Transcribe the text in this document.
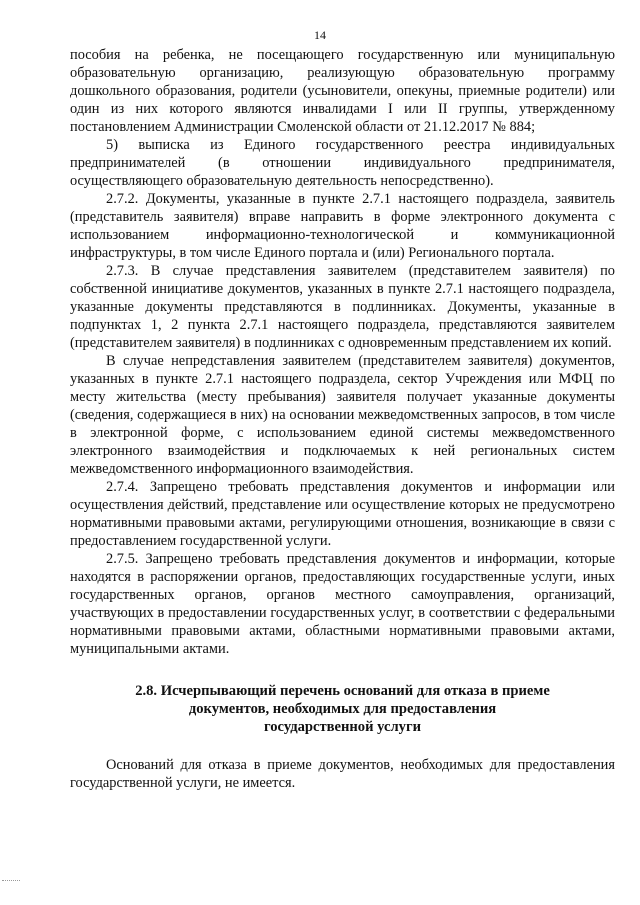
14

пособия на ребенка, не посещающего государственную или муниципальную образовательную организацию, реализующую образовательную программу дошкольного образования, родители (усыновители, опекуны, приемные родители) или один из них которого являются инвалидами I или II группы, утвержденному постановлением Администрации Смоленской области от 21.12.2017 № 884;

5) выписка из Единого государственного реестра индивидуальных предпринимателей (в отношении индивидуального предпринимателя, осуществляющего образовательную деятельность непосредственно).

2.7.2. Документы, указанные в пункте 2.7.1 настоящего подраздела, заявитель (представитель заявителя) вправе направить в форме электронного документа с использованием информационно-технологической и коммуникационной инфраструктуры, в том числе Единого портала и (или) Регионального портала.

2.7.3. В случае представления заявителем (представителем заявителя) по собственной инициативе документов, указанных в пункте 2.7.1 настоящего подраздела, указанные документы представляются в подлинниках. Документы, указанные в подпунктах 1, 2 пункта 2.7.1 настоящего подраздела, представляются заявителем (представителем заявителя) в подлинниках с одновременным представлением их копий.

В случае непредставления заявителем (представителем заявителя) документов, указанных в пункте 2.7.1 настоящего подраздела, сектор Учреждения или МФЦ по месту жительства (месту пребывания) заявителя получает указанные документы (сведения, содержащиеся в них) на основании межведомственных запросов, в том числе в электронной форме, с использованием единой системы межведомственного электронного взаимодействия и подключаемых к ней региональных систем межведомственного информационного взаимодействия.

2.7.4. Запрещено требовать представления документов и информации или осуществления действий, представление или осуществление которых не предусмотрено нормативными правовыми актами, регулирующими отношения, возникающие в связи с предоставлением государственной услуги.

2.7.5. Запрещено требовать представления документов и информации, которые находятся в распоряжении органов, предоставляющих государственные услуги, иных государственных органов, органов местного самоуправления, организаций, участвующих в предоставлении государственных услуг, в соответствии с федеральными нормативными правовыми актами, областными нормативными правовыми актами, муниципальными актами.

2.8. Исчерпывающий перечень оснований для отказа в приеме
документов, необходимых для предоставления
государственной услуги

Оснований для отказа в приеме документов, необходимых для предоставления государственной услуги, не имеется.
